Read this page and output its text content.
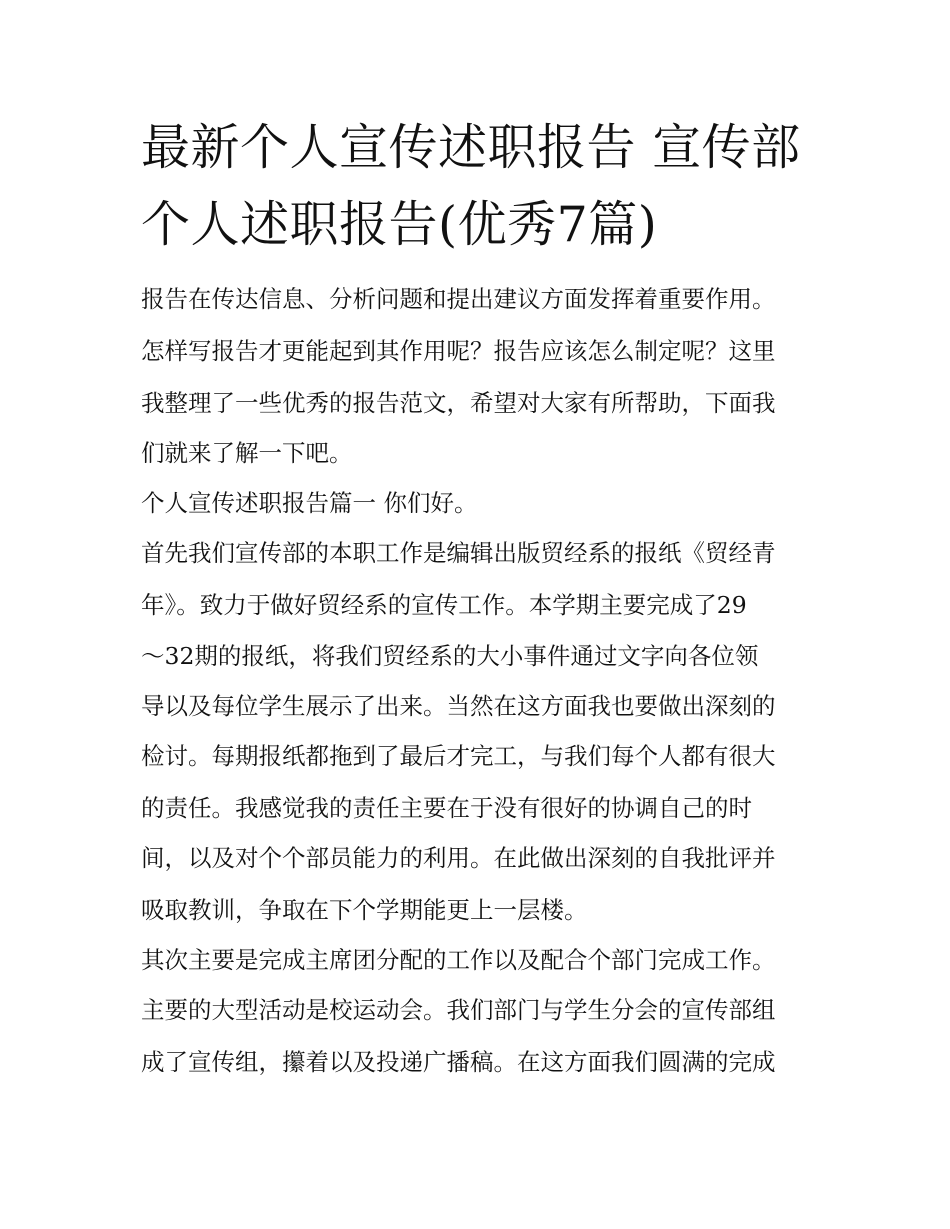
最新个人宣传述职报告 宣传部
个人述职报告(优秀7篇)
报告在传达信息、分析问题和提出建议方面发挥着重要作用。
怎样写报告才更能起到其作用呢？报告应该怎么制定呢？这里
我整理了一些优秀的报告范文，希望对大家有所帮助，下面我
们就来了解一下吧。
个人宣传述职报告篇一 你们好。
首先我们宣传部的本职工作是编辑出版贸经系的报纸《贸经青
年》。致力于做好贸经系的宣传工作。本学期主要完成了29
～32期的报纸，将我们贸经系的大小事件通过文字向各位领
导以及每位学生展示了出来。当然在这方面我也要做出深刻的
检讨。每期报纸都拖到了最后才完工，与我们每个人都有很大
的责任。我感觉我的责任主要在于没有很好的协调自己的时
间，以及对个个部员能力的利用。在此做出深刻的自我批评并
吸取教训，争取在下个学期能更上一层楼。
其次主要是完成主席团分配的工作以及配合个部门完成工作。
主要的大型活动是校运动会。我们部门与学生分会的宣传部组
成了宣传组，攥着以及投递广播稿。在这方面我们圆满的完成
